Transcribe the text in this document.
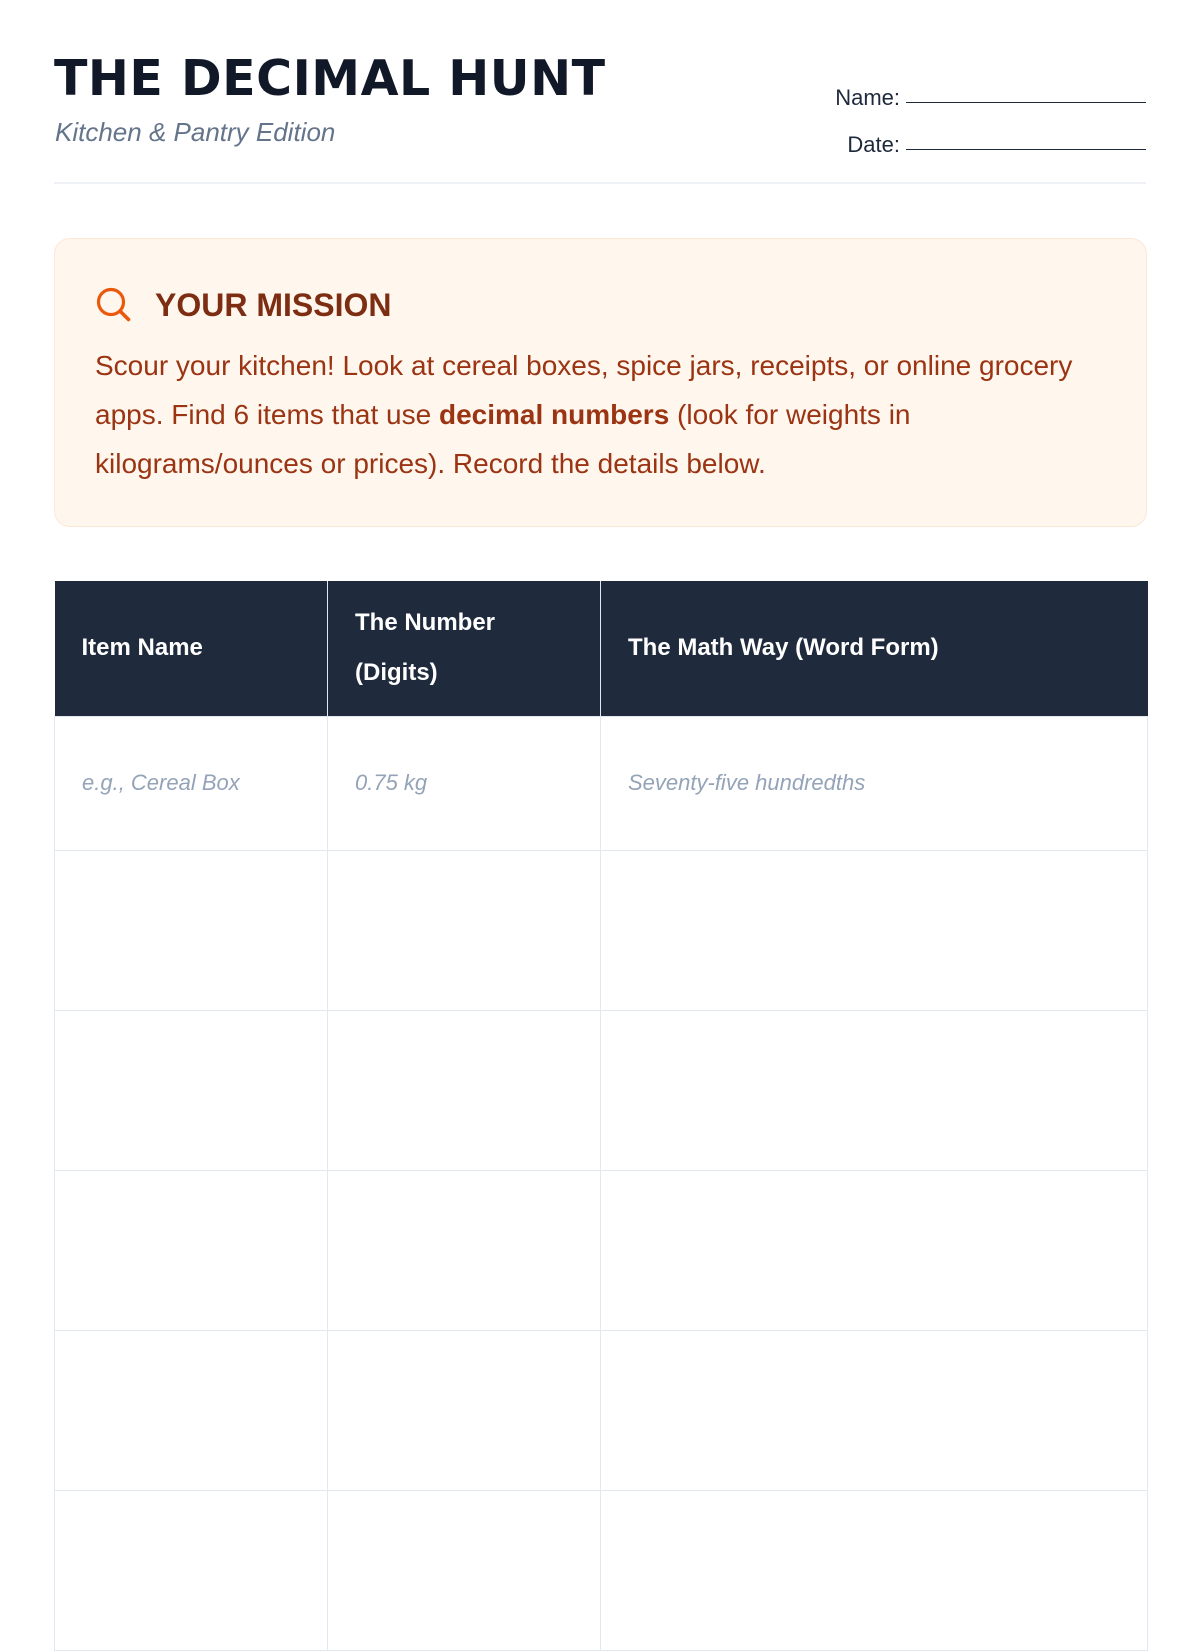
THE DECIMAL HUNT

Kitchen & Pantry Edition

Name:
Date:
YOUR MISSION

Scour your kitchen! Look at cereal boxes, spice jars, receipts, or online grocery apps. Find 6 items that use decimal numbers (look for weights in kilograms/ounces or prices). Record the details below.

Item Name	The Number (Digits)	The Math Way (Word Form)
e.g., Cereal Box	0.75 kg	Seventy-five hundredths
